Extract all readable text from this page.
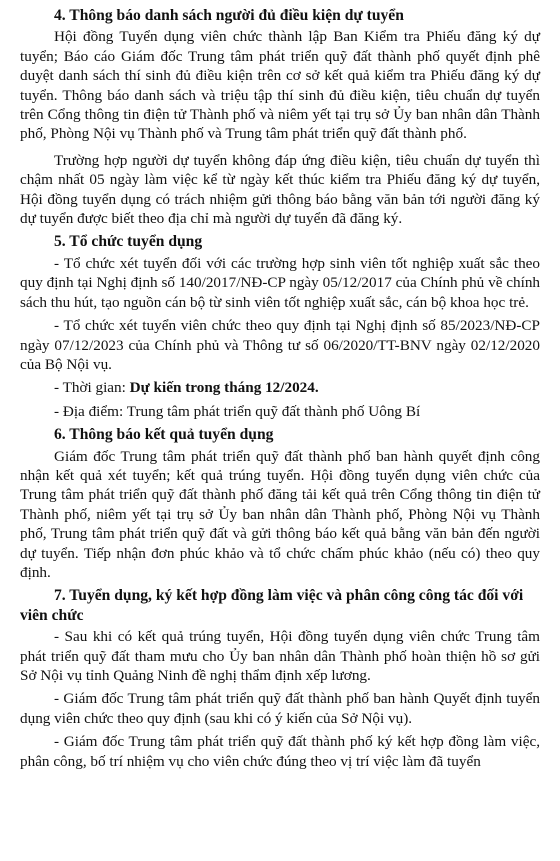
4. Thông báo danh sách người đủ điều kiện dự tuyển

Hội đồng Tuyển dụng viên chức thành lập Ban Kiểm tra Phiếu đăng ký dự tuyển; Báo cáo Giám đốc Trung tâm phát triển quỹ đất thành phố quyết định phê duyệt danh sách thí sinh đủ điều kiện trên cơ sở kết quả kiểm tra Phiếu đăng ký dự tuyển. Thông báo danh sách và triệu tập thí sinh đủ điều kiện, tiêu chuẩn dự tuyển trên Cổng thông tin điện tử Thành phố và niêm yết tại trụ sở Ủy ban nhân dân Thành phố, Phòng Nội vụ Thành phố và Trung tâm phát triển quỹ đất thành phố.

Trường hợp người dự tuyển không đáp ứng điều kiện, tiêu chuẩn dự tuyển thì chậm nhất 05 ngày làm việc kể từ ngày kết thúc kiểm tra Phiếu đăng ký dự tuyển, Hội đồng tuyển dụng có trách nhiệm gửi thông báo bằng văn bản tới người đăng ký dự tuyển được biết theo địa chỉ mà người dự tuyển đã đăng ký.

5. Tổ chức tuyển dụng

- Tổ chức xét tuyển đối với các trường hợp sinh viên tốt nghiệp xuất sắc theo quy định tại Nghị định số 140/2017/NĐ-CP ngày 05/12/2017 của Chính phủ về chính sách thu hút, tạo nguồn cán bộ từ sinh viên tốt nghiệp xuất sắc, cán bộ khoa học trẻ.

- Tổ chức xét tuyển viên chức theo quy định tại Nghị định số 85/2023/NĐ-CP ngày 07/12/2023 của Chính phủ và Thông tư số 06/2020/TT-BNV ngày 02/12/2020 của Bộ Nội vụ.

- Thời gian: Dự kiến trong tháng 12/2024.

- Địa điểm: Trung tâm phát triển quỹ đất thành phố Uông Bí

6. Thông báo kết quả tuyển dụng

Giám đốc Trung tâm phát triển quỹ đất thành phố ban hành quyết định công nhận kết quả xét tuyển; kết quả trúng tuyển. Hội đồng tuyển dụng viên chức của Trung tâm phát triển quỹ đất thành phố đăng tải kết quả trên Cổng thông tin điện tử Thành phố, niêm yết tại trụ sở Ủy ban nhân dân Thành phố, Phòng Nội vụ Thành phố, Trung tâm phát triển quỹ đất và gửi thông báo kết quả bằng văn bản đến người dự tuyển. Tiếp nhận đơn phúc khảo và tổ chức chấm phúc khảo (nếu có) theo quy định.

7. Tuyển dụng, ký kết hợp đồng làm việc và phân công công tác đối với viên chức

- Sau khi có kết quả trúng tuyển, Hội đồng tuyển dụng viên chức Trung tâm phát triển quỹ đất tham mưu cho Ủy ban nhân dân Thành phố hoàn thiện hồ sơ gửi Sở Nội vụ tỉnh Quảng Ninh đề nghị thẩm định xếp lương.

- Giám đốc Trung tâm phát triển quỹ đất thành phố ban hành Quyết định tuyển dụng viên chức theo quy định (sau khi có ý kiến của Sở Nội vụ).

- Giám đốc Trung tâm phát triển quỹ đất thành phố ký kết hợp đồng làm việc, phân công, bố trí nhiệm vụ cho viên chức đúng theo vị trí việc làm đã tuyển
